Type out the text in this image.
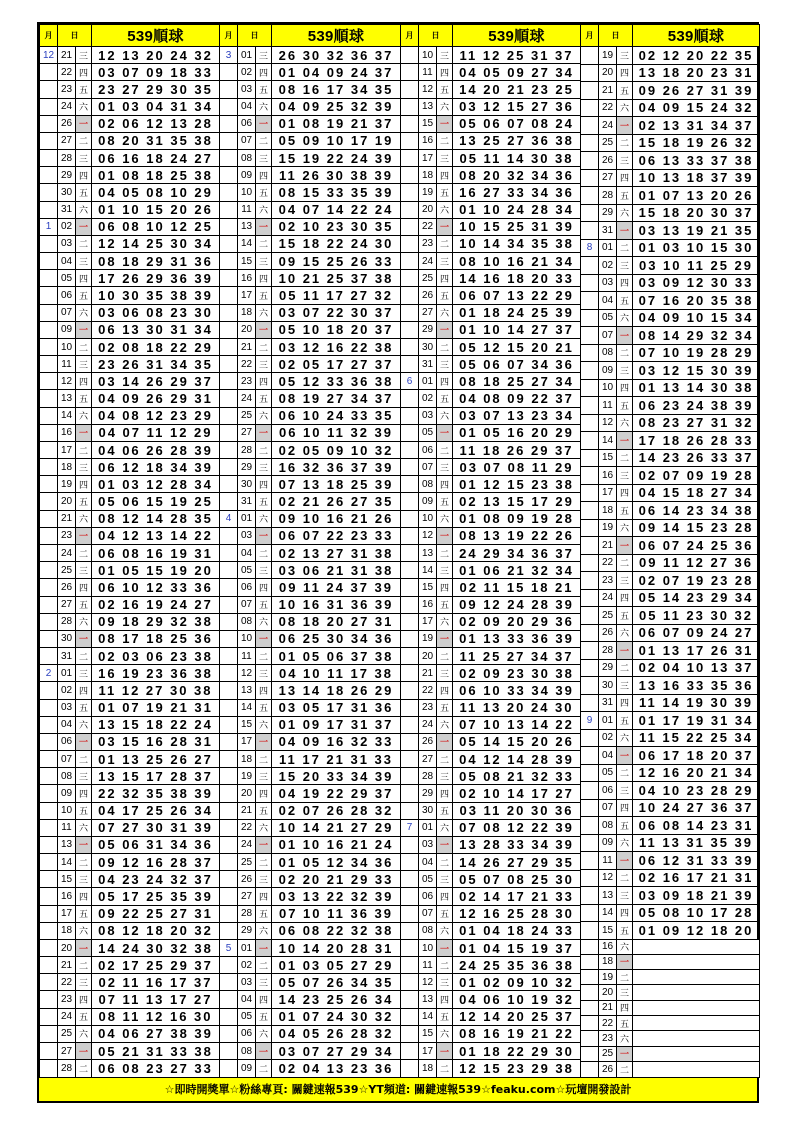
月	日		539順球
12	21	三	12 13 20 24 32
	22	四	03 07 09 18 33
	23	五	23 27 29 30 35
	24	六	01 03 04 31 34
	26	一	02 06 12 13 28
	27	二	08 20 31 35 38
	28	三	06 16 18 24 27
	29	四	01 08 18 25 38
	30	五	04 05 08 10 29
	31	六	01 10 15 20 26
1	02	一	06 08 10 12 25
	03	二	12 14 25 30 34
	04	三	08 18 29 31 36
	05	四	17 26 29 36 39
	06	五	10 30 35 38 39
	07	六	03 06 08 23 30
	09	一	06 13 30 31 34
	10	二	02 08 18 22 29
	11	三	23 26 31 34 35
	12	四	03 14 26 29 37
	13	五	04 09 26 29 31
	14	六	04 08 12 23 29
	16	一	04 07 11 12 29
	17	二	04 06 26 28 39
	18	三	06 12 18 34 39
	19	四	01 03 12 28 34
	20	五	05 06 15 19 25
	21	六	08 12 14 28 35
	23	一	04 12 13 14 22
	24	二	06 08 16 19 31
	25	三	01 05 15 19 20
	26	四	06 10 12 33 36
	27	五	02 16 19 24 27
	28	六	09 18 29 32 38
	30	一	08 17 18 25 36
	31	二	02 03 06 23 38
2	01	三	16 19 23 36 38
	02	四	11 12 27 30 38
	03	五	01 07 19 21 31
	04	六	13 15 18 22 24
	06	一	03 15 16 28 31
	07	二	01 13 25 26 27
	08	三	13 15 17 28 37
	09	四	22 32 35 38 39
	10	五	04 17 25 26 34
	11	六	07 27 30 31 39
	13	一	05 06 31 34 36
	14	二	09 12 16 28 37
	15	三	04 23 24 32 37
	16	四	05 17 25 35 39
	17	五	09 22 25 27 31
	18	六	08 12 18 20 32
	20	一	14 24 30 32 38
	21	二	02 17 25 29 37
	22	三	02 11 16 17 37
	23	四	07 11 13 17 27
	24	五	08 11 12 16 30
	25	六	04 06 27 38 39
	27	一	05 21 31 33 38
	28	二	06 08 23 27 33
月	日		539順球
3	01	三	26 30 32 36 37
	02	四	01 04 09 24 37
	03	五	08 16 17 34 35
	04	六	04 09 25 32 39
	06	一	01 08 19 21 37
	07	二	05 09 10 17 19
	08	三	15 19 22 24 39
	09	四	11 26 30 38 39
	10	五	08 15 33 35 39
	11	六	04 07 14 22 24
	13	一	02 10 23 30 35
	14	二	15 18 22 24 30
	15	三	09 15 25 26 33
	16	四	10 21 25 37 38
	17	五	05 11 17 27 32
	18	六	03 07 22 30 37
	20	一	05 10 18 20 37
	21	二	03 12 16 22 38
	22	三	02 05 17 27 37
	23	四	05 12 33 36 38
	24	五	08 19 27 34 37
	25	六	06 10 24 33 35
	27	一	06 10 11 32 39
	28	二	02 05 09 10 32
	29	三	16 32 36 37 39
	30	四	07 13 18 25 39
	31	五	02 21 26 27 35
4	01	六	09 10 16 21 26
	03	一	06 07 22 23 33
	04	二	02 13 27 31 38
	05	三	03 06 21 31 38
	06	四	09 11 24 37 39
	07	五	10 16 31 36 39
	08	六	08 18 20 27 31
	10	一	06 25 30 34 36
	11	二	01 05 06 37 38
	12	三	04 10 11 17 38
	13	四	13 14 18 26 29
	14	五	03 05 17 31 36
	15	六	01 09 17 31 37
	17	一	04 09 16 32 33
	18	二	11 17 21 31 33
	19	三	15 20 33 34 39
	20	四	04 19 22 29 37
	21	五	02 07 26 28 32
	22	六	10 14 21 27 29
	24	一	01 10 16 21 24
	25	二	01 05 12 34 36
	26	三	02 20 21 29 33
	27	四	03 13 22 32 39
	28	五	07 10 11 36 39
	29	六	06 08 22 32 38
5	01	一	10 14 20 28 31
	02	二	01 03 05 27 29
	03	三	05 07 26 34 35
	04	四	14 23 25 26 34
	05	五	01 07 24 30 32
	06	六	04 05 26 28 32
	08	一	03 07 27 29 34
	09	二	02 04 13 23 36
月	日		539順球
	10	三	11 12 25 31 37
	11	四	04 05 09 27 34
	12	五	14 20 21 23 25
	13	六	03 12 15 27 36
	15	一	05 06 07 08 24
	16	二	13 25 27 36 38
	17	三	05 11 14 30 38
	18	四	08 20 32 34 36
	19	五	16 27 33 34 36
	20	六	01 10 24 28 34
	22	一	10 15 25 31 39
	23	二	10 14 34 35 38
	24	三	08 10 16 21 34
	25	四	14 16 18 20 33
	26	五	06 07 13 22 29
	27	六	01 18 24 25 39
	29	一	01 10 14 27 37
	30	二	05 12 15 20 21
	31	三	05 06 07 34 36
6	01	四	08 18 25 27 34
	02	五	04 08 09 22 37
	03	六	03 07 13 23 34
	05	一	01 05 16 20 29
	06	二	11 18 26 29 37
	07	三	03 07 08 11 29
	08	四	01 12 15 23 38
	09	五	02 13 15 17 29
	10	六	01 08 09 19 28
	12	一	08 13 19 22 26
	13	二	24 29 34 36 37
	14	三	01 06 21 32 34
	15	四	02 11 15 18 21
	16	五	09 12 24 28 39
	17	六	02 09 20 29 36
	19	一	01 13 33 36 39
	20	二	11 25 27 34 37
	21	三	02 09 23 30 38
	22	四	06 10 33 34 39
	23	五	11 13 20 24 30
	24	六	07 10 13 14 22
	26	一	05 14 15 20 26
	27	二	04 12 14 28 39
	28	三	05 08 21 32 33
	29	四	02 10 14 17 27
	30	五	03 11 20 30 36
7	01	六	07 08 12 22 39
	03	一	13 28 33 34 39
	04	二	14 26 27 29 35
	05	三	05 07 08 25 30
	06	四	02 14 17 21 33
	07	五	12 16 25 28 30
	08	六	01 04 18 24 33
	10	一	01 04 15 19 37
	11	二	24 25 35 36 38
	12	三	01 02 09 10 32
	13	四	04 06 10 19 32
	14	五	12 14 20 25 37
	15	六	08 16 19 21 22
	17	一	01 18 22 29 30
	18	二	12 15 23 29 38
月	日		539順球
	19	三	02 12 20 22 35
	20	四	13 18 20 23 31
	21	五	09 26 27 31 39
	22	六	04 09 15 24 32
	24	一	02 13 31 34 37
	25	二	15 18 19 26 32
	26	三	06 13 33 37 38
	27	四	10 13 18 37 39
	28	五	01 07 13 20 26
	29	六	15 18 20 30 37
	31	一	03 13 19 21 35
8	01	二	01 03 10 15 30
	02	三	03 10 11 25 29
	03	四	03 09 12 30 33
	04	五	07 16 20 35 38
	05	六	04 09 10 15 34
	07	一	08 14 29 32 34
	08	二	07 10 19 28 29
	09	三	03 12 15 30 39
	10	四	01 13 14 30 38
	11	五	06 23 24 38 39
	12	六	08 23 27 31 32
	14	一	17 18 26 28 33
	15	二	14 23 26 33 37
	16	三	02 07 09 19 28
	17	四	04 15 18 27 34
	18	五	06 14 23 34 38
	19	六	09 14 15 23 28
	21	一	06 07 24 25 36
	22	二	09 11 12 27 36
	23	三	02 07 19 23 28
	24	四	05 14 23 29 34
	25	五	05 11 23 30 32
	26	六	06 07 09 24 27
	28	一	01 13 17 26 31
	29	二	02 04 10 13 37
	30	三	13 16 33 35 36
	31	四	11 14 19 30 39
9	01	五	01 17 19 31 34
	02	六	11 15 22 25 34
	04	一	06 17 18 20 37
	05	二	12 16 20 21 34
	06	三	04 10 23 28 29
	07	四	10 24 27 36 37
	08	五	06 08 14 23 31
	09	六	11 13 31 35 39
	11	一	06 12 31 33 39
	12	二	02 16 17 21 31
	13	三	03 09 18 21 39
	14	四	05 08 10 17 28
	15	五	01 09 12 18 20
	16	六	
	18	一	
	19	二	
	20	三	
	21	四	
	22	五	
	23	六	
	25	一	
	26	二	
☆即時開獎單☆粉絲專頁: 關鍵速報539☆YT頻道: 關鍵速報539☆feaku.com☆玩壇開發設計
